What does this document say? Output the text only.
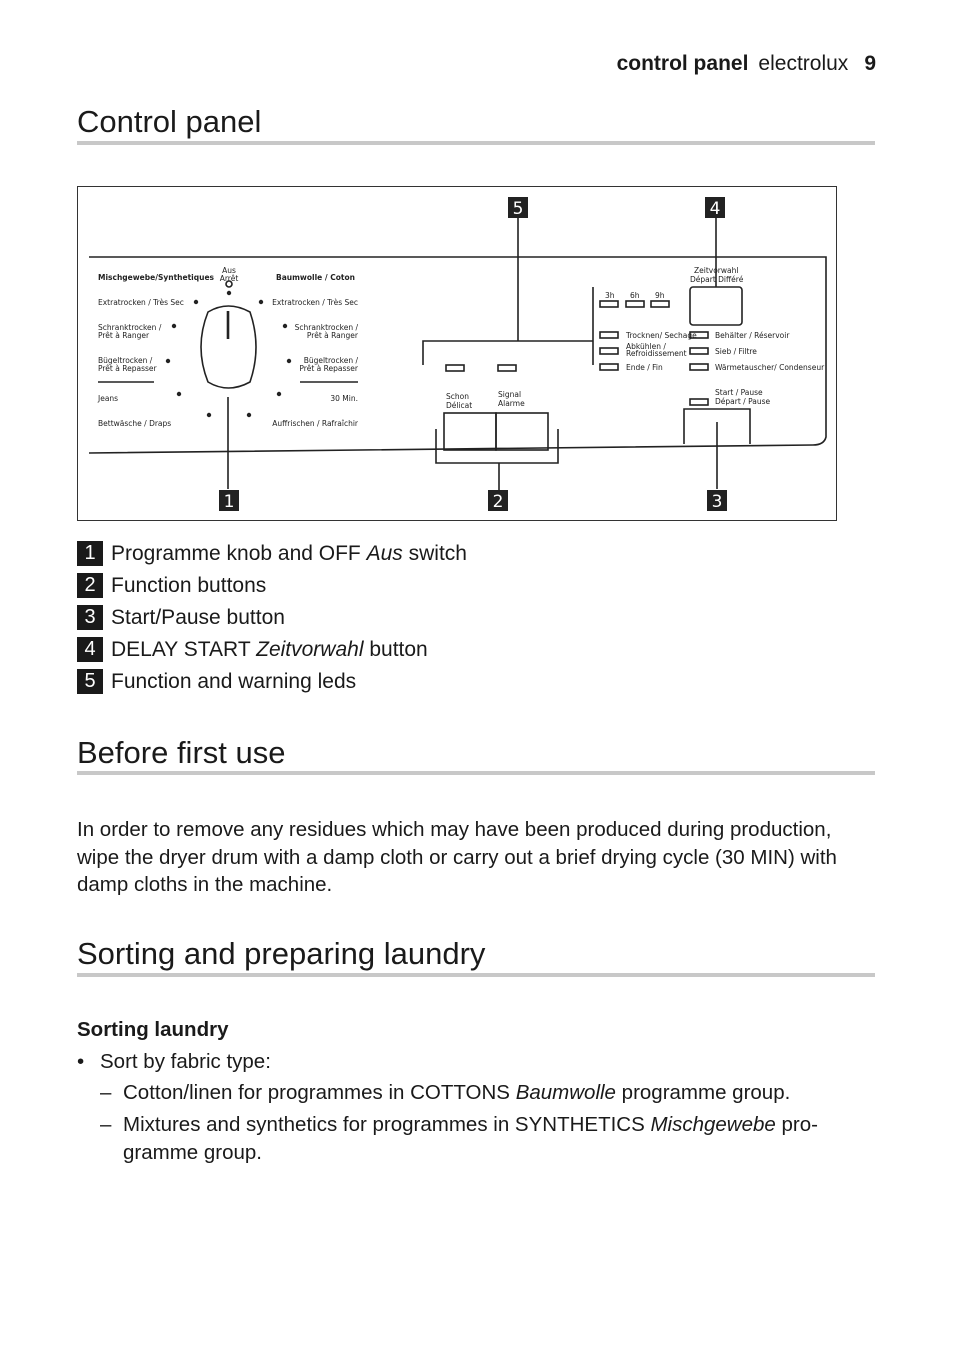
control panel electrolux 9
Control panel
5	4
1	2	3
Mischgewebe/Synthetiques
Aus
Arrêt	Baumwolle / Coton
Extratrocken / Très Sec
Schranktrocken /
Prêt à Ranger
Bügeltrocken /
Prêt à Repasser
Jeans
Bettwäsche / Draps
Extratrocken / Très Sec
Schranktrocken /
Prêt à Ranger
Bügeltrocken /
Prêt à Repasser
30 Min.
Auffrischen / Rafraîchir
Zeitvorwahl
Départ Différé
3h 6h 9h
Trocknen/ Sechage
Abkühlen /
Refroidissement
Ende / Fin
Behälter / Réservoir
Sieb / Filtre
Wärmetauscher/ Condenseur
Schon
Délicat
Signal
Alarme
Start / Pause
Départ / Pause
1 Programme knob and OFF Aus switch
2 Function buttons
3 Start/Pause button
4 DELAY START Zeitvorwahl button
5 Function and warning leds
Before first use

In order to remove any residues which may have been produced during production,
wipe the dryer drum with a damp cloth or carry out a brief drying cycle (30 MIN) with
damp cloths in the machine.

Sorting and preparing laundry
Sorting laundry
• Sort by fabric type:
– Cotton/linen for programmes in COTTONS Baumwolle programme group.
– Mixtures and synthetics for programmes in SYNTHETICS Mischgewebe pro-
gramme group.
